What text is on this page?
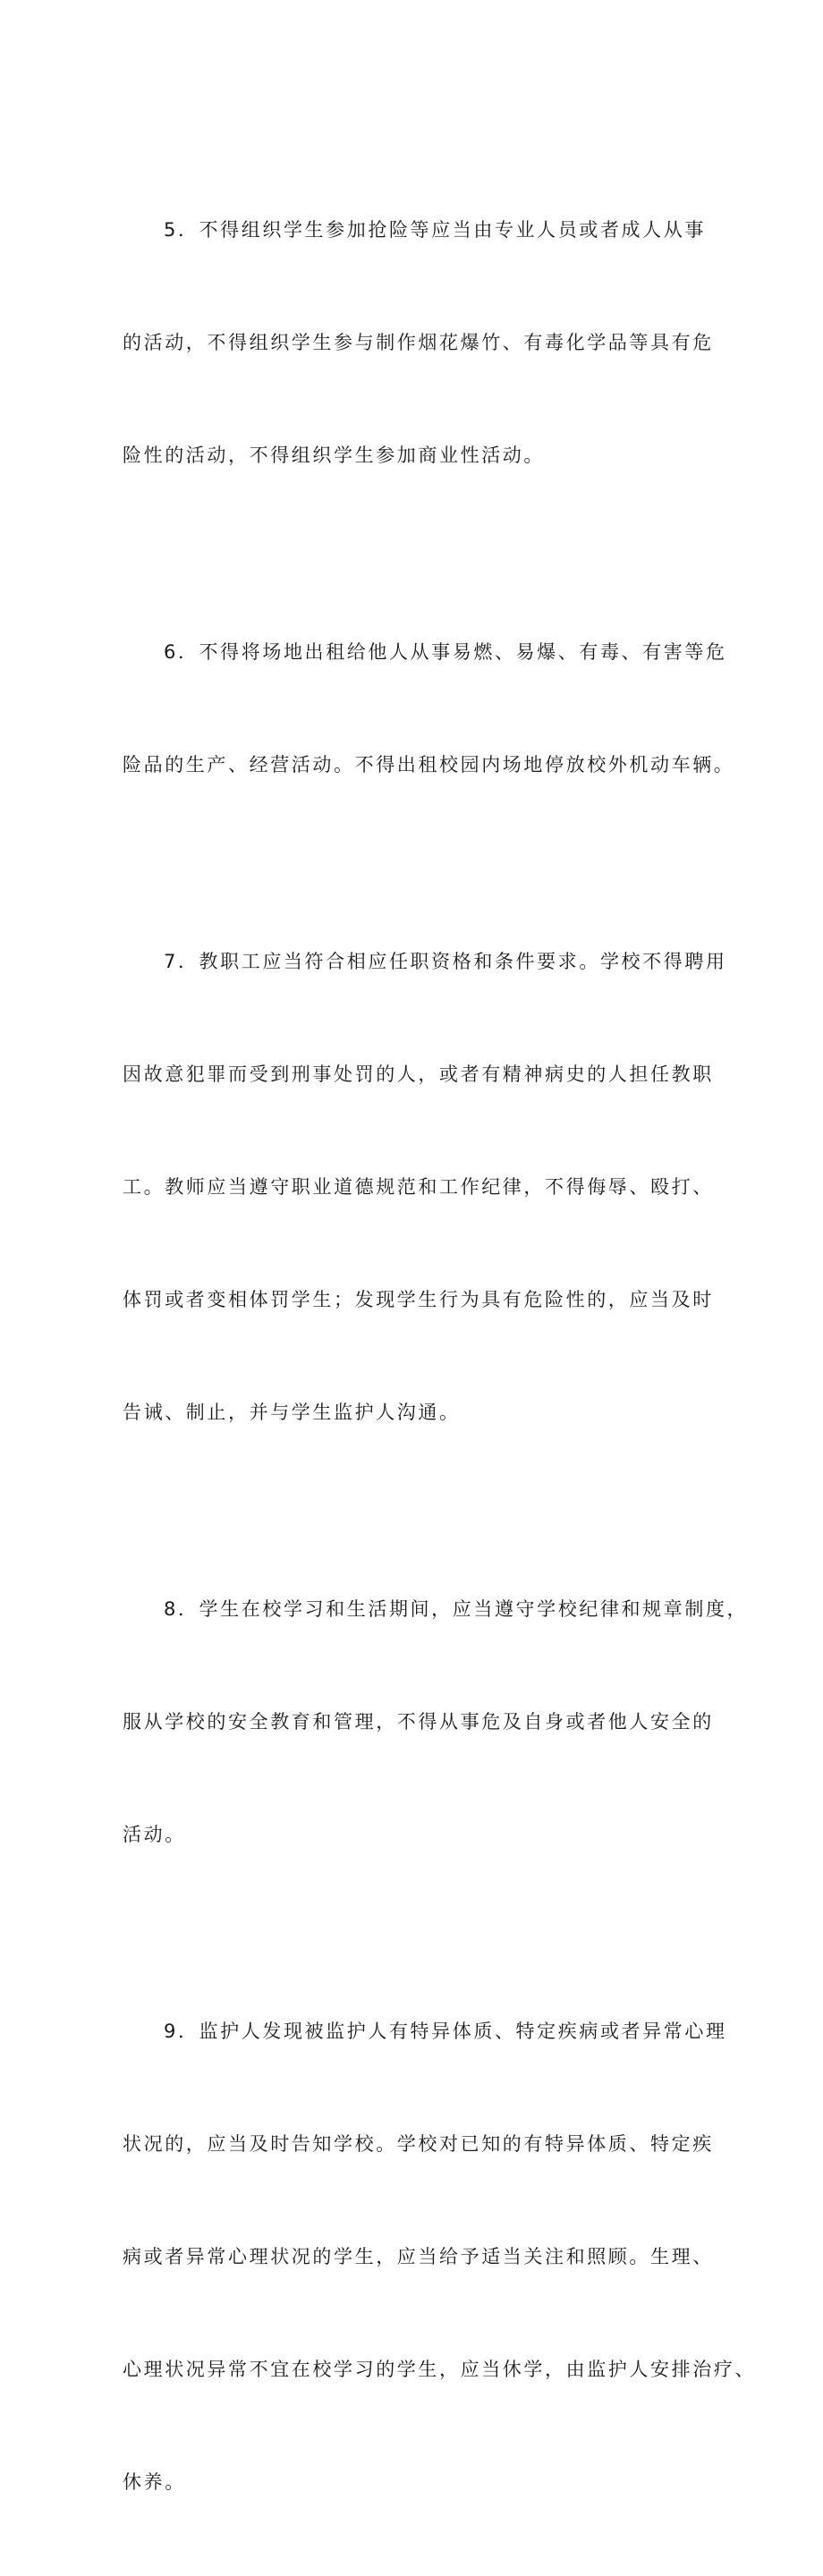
5．不得组织学生参加抢险等应当由专业人员或者成人从事

的活动，不得组织学生参与制作烟花爆竹、有毒化学品等具有危

险性的活动，不得组织学生参加商业性活动。

6．不得将场地出租给他人从事易燃、易爆、有毒、有害等危

险品的生产、经营活动。不得出租校园内场地停放校外机动车辆。

7．教职工应当符合相应任职资格和条件要求。学校不得聘用

因故意犯罪而受到刑事处罚的人，或者有精神病史的人担任教职

工。教师应当遵守职业道德规范和工作纪律，不得侮辱、殴打、

体罚或者变相体罚学生；发现学生行为具有危险性的，应当及时

告诫、制止，并与学生监护人沟通。

8．学生在校学习和生活期间，应当遵守学校纪律和规章制度，

服从学校的安全教育和管理，不得从事危及自身或者他人安全的

活动。

9．监护人发现被监护人有特异体质、特定疾病或者异常心理

状况的，应当及时告知学校。学校对已知的有特异体质、特定疾

病或者异常心理状况的学生，应当给予适当关注和照顾。生理、

心理状况异常不宜在校学习的学生，应当休学，由监护人安排治疗、

休养。
